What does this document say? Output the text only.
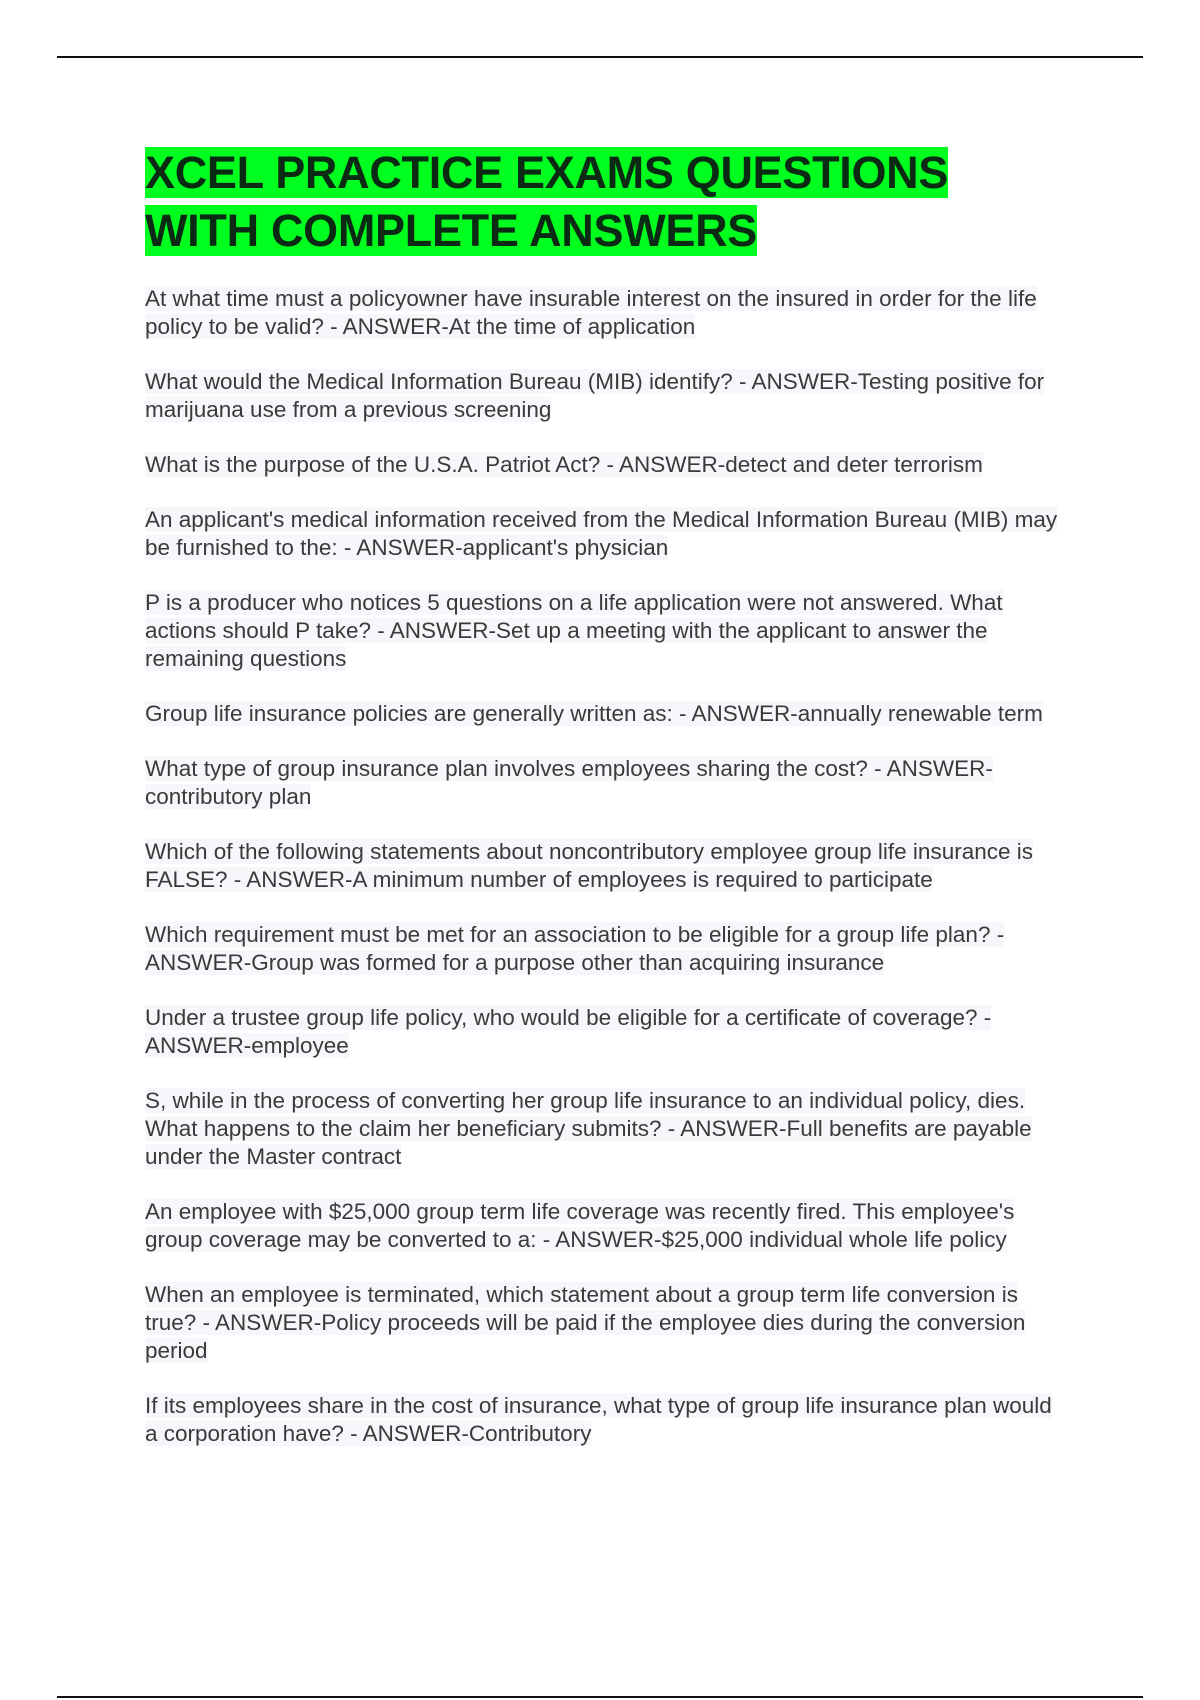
XCEL PRACTICE EXAMS QUESTIONS WITH COMPLETE ANSWERS
At what time must a policyowner have insurable interest on the insured in order for the life policy to be valid? - ANSWER-At the time of application
What would the Medical Information Bureau (MIB) identify? - ANSWER-Testing positive for marijuana use from a previous screening
What is the purpose of the U.S.A. Patriot Act? - ANSWER-detect and deter terrorism
An applicant's medical information received from the Medical Information Bureau (MIB) may be furnished to the: - ANSWER-applicant's physician
P is a producer who notices 5 questions on a life application were not answered. What actions should P take? - ANSWER-Set up a meeting with the applicant to answer the remaining questions
Group life insurance policies are generally written as: - ANSWER-annually renewable term
What type of group insurance plan involves employees sharing the cost? - ANSWER-contributory plan
Which of the following statements about noncontributory employee group life insurance is FALSE? - ANSWER-A minimum number of employees is required to participate
Which requirement must be met for an association to be eligible for a group life plan? - ANSWER-Group was formed for a purpose other than acquiring insurance
Under a trustee group life policy, who would be eligible for a certificate of coverage? - ANSWER-employee
S, while in the process of converting her group life insurance to an individual policy, dies. What happens to the claim her beneficiary submits? - ANSWER-Full benefits are payable under the Master contract
An employee with $25,000 group term life coverage was recently fired. This employee's group coverage may be converted to a: - ANSWER-$25,000 individual whole life policy
When an employee is terminated, which statement about a group term life conversion is true? - ANSWER-Policy proceeds will be paid if the employee dies during the conversion period
If its employees share in the cost of insurance, what type of group life insurance plan would a corporation have? - ANSWER-Contributory
